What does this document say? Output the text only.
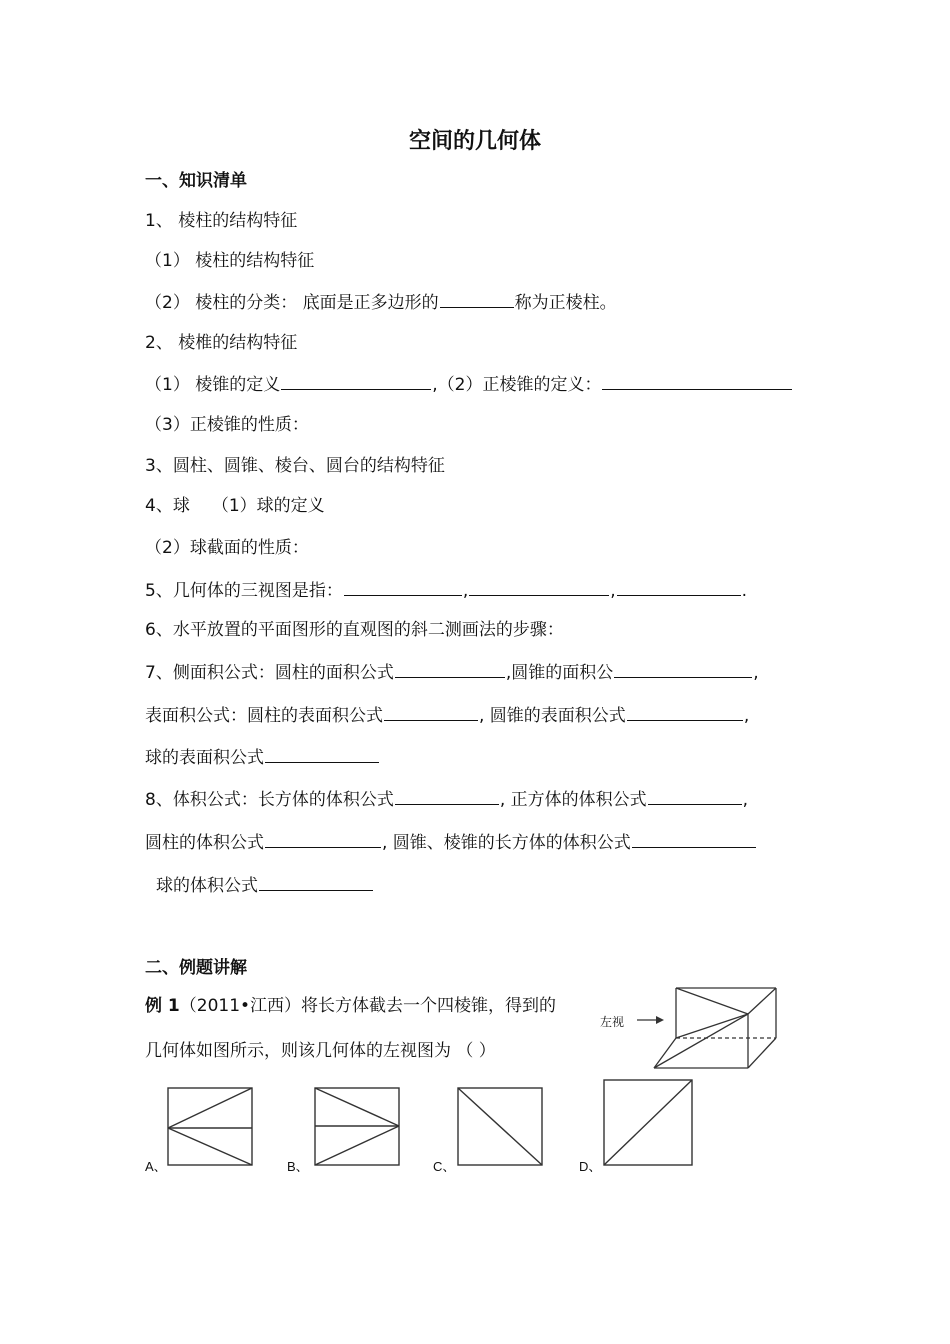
空间的几何体
一、知识清单
1、 棱柱的结构特征
（1） 棱柱的结构特征
（2） 棱柱的分类： 底面是正多边形的	称为正棱柱。
2、 棱椎的结构特征
（1） 棱锥的定义	,（2）正棱锥的定义：
（3）正棱锥的性质：
3、圆柱、圆锥、棱台、圆台的结构特征
4、球 （1）球的定义
（2）球截面的性质：
5、几何体的三视图是指：	,	,	.
6、水平放置的平面图形的直观图的斜二测画法的步骤：
7、侧面积公式：圆柱的面积公式	,圆锥的面积公	,
表面积公式：圆柱的表面积公式	, 圆锥的表面积公式	,
球的表面积公式
8、体积公式：长方体的体积公式	, 正方体的体积公式	,
圆柱的体积公式	, 圆锥、棱锥的长方体的体积公式
球的体积公式
二、例题讲解
例 1（2011•江西）将长方体截去一个四棱锥，得到的
几何体如图所示，则该几何体的左视图为 （ ）
左视
A、	B、	C、	D、
